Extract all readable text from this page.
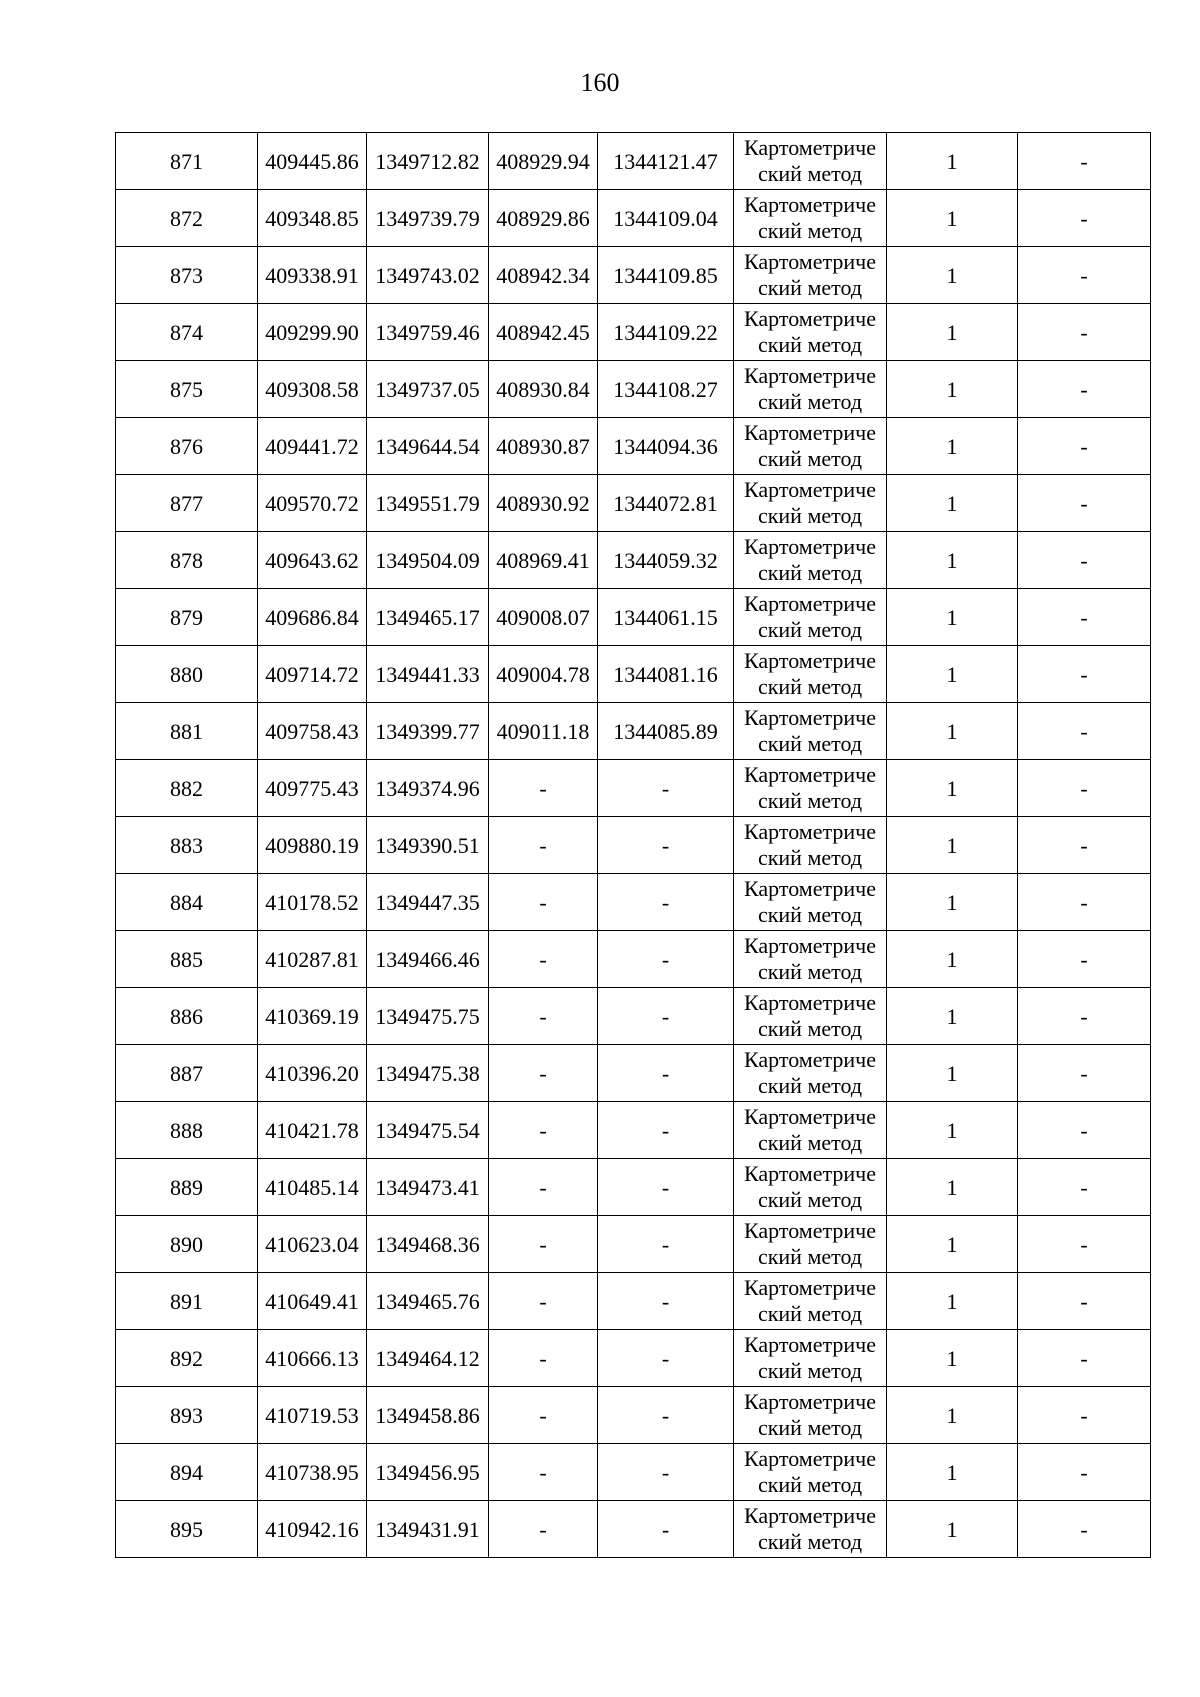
160
871	409445.86	1349712.82	408929.94	1344121.47	Картометриче ский метод	1	-
872	409348.85	1349739.79	408929.86	1344109.04	Картометриче ский метод	1	-
873	409338.91	1349743.02	408942.34	1344109.85	Картометриче ский метод	1	-
874	409299.90	1349759.46	408942.45	1344109.22	Картометриче ский метод	1	-
875	409308.58	1349737.05	408930.84	1344108.27	Картометриче ский метод	1	-
876	409441.72	1349644.54	408930.87	1344094.36	Картометриче ский метод	1	-
877	409570.72	1349551.79	408930.92	1344072.81	Картометриче ский метод	1	-
878	409643.62	1349504.09	408969.41	1344059.32	Картометриче ский метод	1	-
879	409686.84	1349465.17	409008.07	1344061.15	Картометриче ский метод	1	-
880	409714.72	1349441.33	409004.78	1344081.16	Картометриче ский метод	1	-
881	409758.43	1349399.77	409011.18	1344085.89	Картометриче ский метод	1	-
882	409775.43	1349374.96	-	-	Картометриче ский метод	1	-
883	409880.19	1349390.51	-	-	Картометриче ский метод	1	-
884	410178.52	1349447.35	-	-	Картометриче ский метод	1	-
885	410287.81	1349466.46	-	-	Картометриче ский метод	1	-
886	410369.19	1349475.75	-	-	Картометриче ский метод	1	-
887	410396.20	1349475.38	-	-	Картометриче ский метод	1	-
888	410421.78	1349475.54	-	-	Картометриче ский метод	1	-
889	410485.14	1349473.41	-	-	Картометриче ский метод	1	-
890	410623.04	1349468.36	-	-	Картометриче ский метод	1	-
891	410649.41	1349465.76	-	-	Картометриче ский метод	1	-
892	410666.13	1349464.12	-	-	Картометриче ский метод	1	-
893	410719.53	1349458.86	-	-	Картометриче ский метод	1	-
894	410738.95	1349456.95	-	-	Картометриче ский метод	1	-
895	410942.16	1349431.91	-	-	Картометриче ский метод	1	-
